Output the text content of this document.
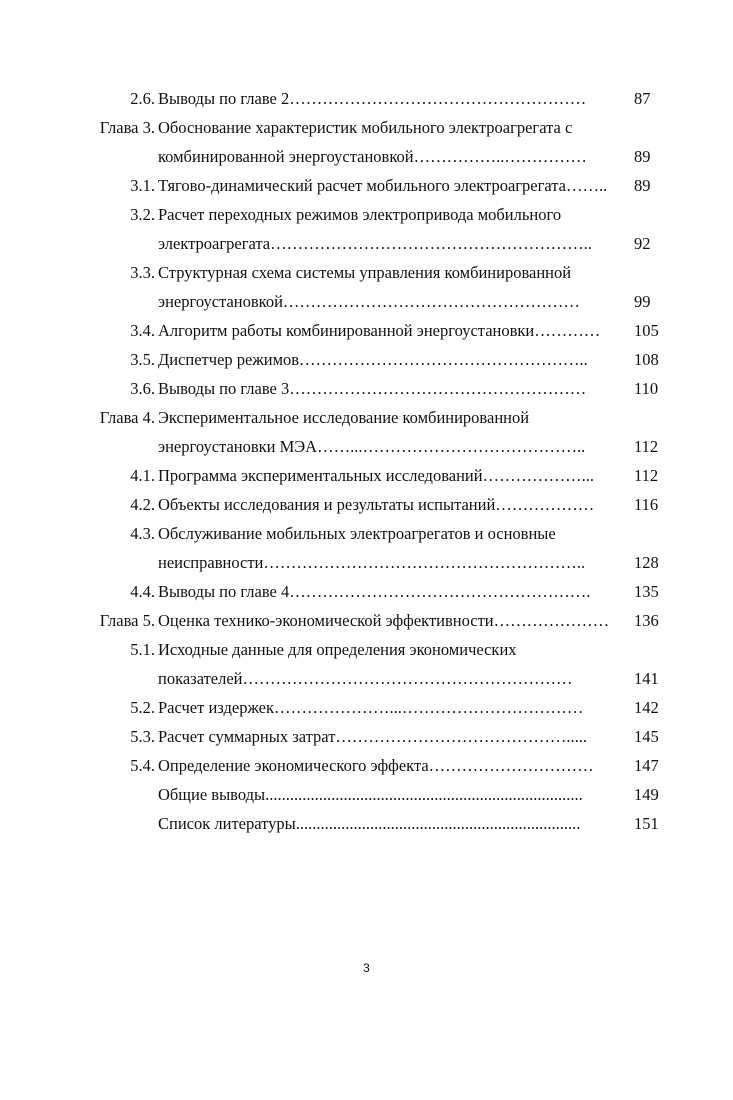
2.6. Выводы по главе 2………………………………………………	87
Глава 3. Обоснование характеристик мобильного электроагрегата с
комбинированной энергоустановкой……………..……………	89
3.1. Тягово-динамический расчет мобильного электроагрегата…….. 89
3.2. Расчет переходных режимов электропривода мобильного
электроагрегата…………………………………………………..	92
3.3. Структурная схема системы управления комбинированной
энергоустановкой………………………………………………	99
3.4. Алгоритм работы комбинированной энергоустановки………… 105
3.5. Диспетчер режимов……………………………………………..	108
3.6. Выводы по главе 3………………………………………………	110
Глава 4. Экспериментальное исследование комбинированной
энергоустановки МЭА……...…………………………………..	112
4.1. Программа экспериментальных исследований………………... 112
4.2. Объекты исследования и результаты испытаний……………… 116
4.3. Обслуживание мобильных электроагрегатов и основные
неисправности…………………………………………………..	128
4.4. Выводы по главе 4……………………………………………….	135
Глава 5. Оценка технико-экономической эффективности………………… 136
5.1. Исходные данные для определения экономических
показателей……………………………………………………	141
5.2. Расчет издержек…………………...……………………………	142
5.3. Расчет суммарных затрат…………………………………….....	145
5.4. Определение экономического эффекта………………………… 147
Общие выводы.............................................................................	149
Список литературы.....................................................................	151
3
